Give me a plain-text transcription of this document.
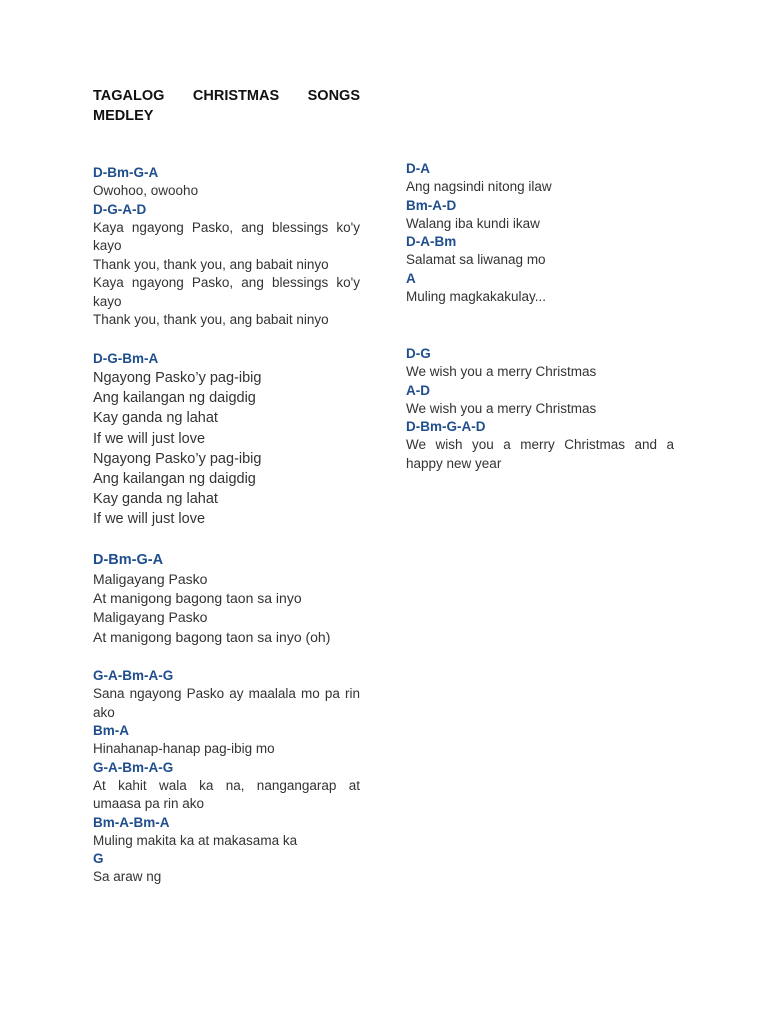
TAGALOG CHRISTMAS SONGS MEDLEY

D-Bm-G-A

Owohoo, owooho

D-G-A-D

Kaya ngayong Pasko, ang blessings ko'y kayo

Thank you, thank you, ang babait ninyo

Kaya ngayong Pasko, ang blessings ko'y kayo

Thank you, thank you, ang babait ninyo

D-G-Bm-A

Ngayong Pasko’y pag-ibig

Ang kailangan ng daigdig

Kay ganda ng lahat

If we will just love

Ngayong Pasko’y pag-ibig

Ang kailangan ng daigdig

Kay ganda ng lahat

If we will just love

D-Bm-G-A

Maligayang Pasko

At manigong bagong taon sa inyo

Maligayang Pasko

At manigong bagong taon sa inyo (oh)

G-A-Bm-A-G

Sana ngayong Pasko ay maalala mo pa rin ako

Bm-A

Hinahanap-hanap pag-ibig mo

G-A-Bm-A-G

At kahit wala ka na, nangangarap at umaasa pa rin ako

Bm-A-Bm-A

Muling makita ka at makasama ka

G

Sa araw ng

D-A

Ang nagsindi nitong ilaw

Bm-A-D

Walang iba kundi ikaw

D-A-Bm

Salamat sa liwanag mo

A

Muling magkakakulay...

D-G

We wish you a merry Christmas

A-D

We wish you a merry Christmas

D-Bm-G-A-D

We wish you a merry Christmas and a happy new year
